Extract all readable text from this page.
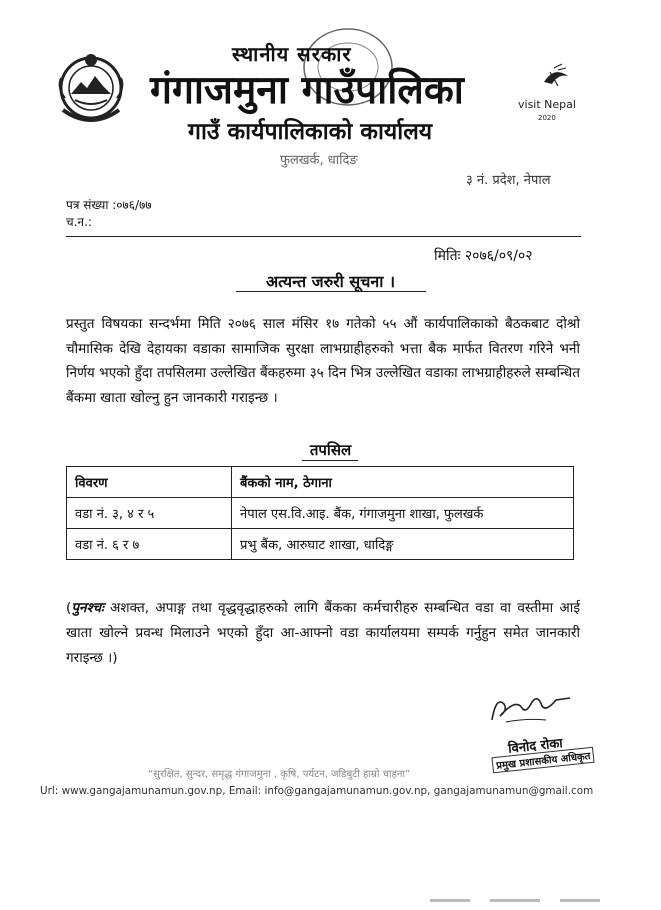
स्थानीय सरकार
गंगाजमुना गाउँपालिका
गाउँ कार्यपालिकाको कार्यालय
फुलखर्क, धादिङ
३ नं. प्रदेश, नेपाल
visit Nepal
2020
पत्र संख्या :०७६/७७
च.न.:
मितिः २०७६/०९/०२
अत्यन्त जरुरी सूचना ।
प्रस्तुत विषयका सन्दर्भमा मिति २०७६ साल मंसिर १७ गतेको ५५ औं कार्यपालिकाको बैठकबाट दोश्रो चौमासिक देखि देहायका वडाका सामाजिक सुरक्षा लाभग्राहीहरुको भत्ता बैक मार्फत वितरण गरिने भनी निर्णय भएको हुँदा तपसिलमा उल्लेखित बैंकहरुमा ३५ दिन भित्र उल्लेखित वडाका लाभग्राहीहरुले सम्बन्धित बैंकमा खाता खोल्नु हुन जानकारी गराइन्छ ।
तपसिल
विवरण	बैंकको नाम, ठेगाना
वडा नं. ३, ४ र ५	नेपाल एस.वि.आइ. बैंक, गंगाजमुना शाखा, फुलखर्क
वडा नं. ६ र ७	प्रभु बैंक, आरुघाट शाखा, धादिङ्ग
(पुनश्चः अशक्त, अपाङ्ग तथा वृद्धवृद्धाहरुको लागि बैंकका कर्मचारीहरु सम्बन्धित वडा वा वस्तीमा आई खाता खोल्ने प्रवन्ध मिलाउने भएको हुँदा आ-आफ्नो वडा कार्यालयमा सम्पर्क गर्नुहुन समेत जानकारी गराइन्छ ।)
विनोद रोका
प्रमुख प्रशासकीय अधिकृत
“सुरक्षित, सुन्दर, समृद्ध गंगाजमुना , कृषि, पर्यटन, जडिबुटी हाम्रो चाहना”
Url: www.gangajamunamun.gov.np, Email: info@gangajamunamun.gov.np, gangajamunamun@gmail.com
